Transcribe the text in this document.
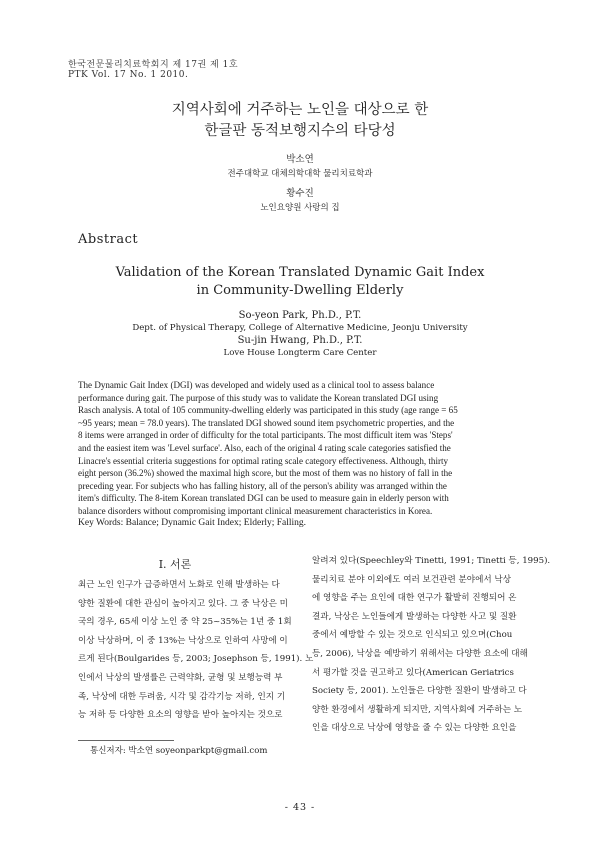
한국전문물리치료학회지 제 17권 제 1호
PTK Vol. 17 No. 1 2010.
지역사회에 거주하는 노인을 대상으로 한
한글판 동적보행지수의 타당성
박소연
전주대학교 대체의학대학 물리치료학과
황수진
노인요양원 사랑의 집
Abstract
Validation of the Korean Translated Dynamic Gait Index
in Community-Dwelling Elderly
So-yeon Park, Ph.D., P.T.
Dept. of Physical Therapy, College of Alternative Medicine, Jeonju University
Su-jin Hwang, Ph.D., P.T.
Love House Longterm Care Center
The Dynamic Gait Index (DGI) was developed and widely used as a clinical tool to assess balance
performance during gait. The purpose of this study was to validate the Korean translated DGI using
Rasch analysis. A total of 105 community-dwelling elderly was participated in this study (age range = 65
~95 years; mean = 78.0 years). The translated DGI showed sound item psychometric properties, and the
8 items were arranged in order of difficulty for the total participants. The most difficult item was 'Steps'
and the easiest item was 'Level surface'. Also, each of the original 4 rating scale categories satisfied the
Linacre's essential criteria suggestions for optimal rating scale category effectiveness. Although, thirty
eight person (36.2%) showed the maximal high score, but the most of them was no history of fall in the
preceding year. For subjects who has falling history, all of the person's ability was arranged within the
item's difficulty. The 8-item Korean translated DGI can be used to measure gain in elderly person with
balance disorders without compromising important clinical measurement characteristics in Korea.
Key Words: Balance; Dynamic Gait Index; Elderly; Falling.
Ⅰ. 서론
최근 노인 인구가 급증하면서 노화로 인해 발생하는 다
양한 질환에 대한 관심이 높아지고 있다. 그 중 낙상은 미
국의 경우, 65세 이상 노인 중 약 25~35%는 1년 중 1회
이상 낙상하며, 이 중 13%는 낙상으로 인하여 사망에 이
르게 된다(Boulgarides 등, 2003; Josephson 등, 1991). 노
인에서 낙상의 발생률은 근력약화, 균형 및 보행능력 부
족, 낙상에 대한 두려움, 시각 및 감각기능 저하, 인지 기
능 저하 등 다양한 요소의 영향을 받아 높아지는 것으로
알려져 있다(Speechley와 Tinetti, 1991; Tinetti 등, 1995).
물리치료 분야 이외에도 여러 보건관련 분야에서 낙상
에 영향을 주는 요인에 대한 연구가 활발히 진행되어 온
결과, 낙상은 노인들에게 발생하는 다양한 사고 및 질환
중에서 예방할 수 있는 것으로 인식되고 있으며(Chou
등, 2006), 낙상을 예방하기 위해서는 다양한 요소에 대해
서 평가할 것을 권고하고 있다(American Geriatrics
Society 등, 2001). 노인들은 다양한 질환이 발생하고 다
양한 환경에서 생활하게 되지만, 지역사회에 거주하는 노
인을 대상으로 낙상에 영향을 줄 수 있는 다양한 요인을
통신저자: 박소연 soyeonparkpt@gmail.com
- 43 -
